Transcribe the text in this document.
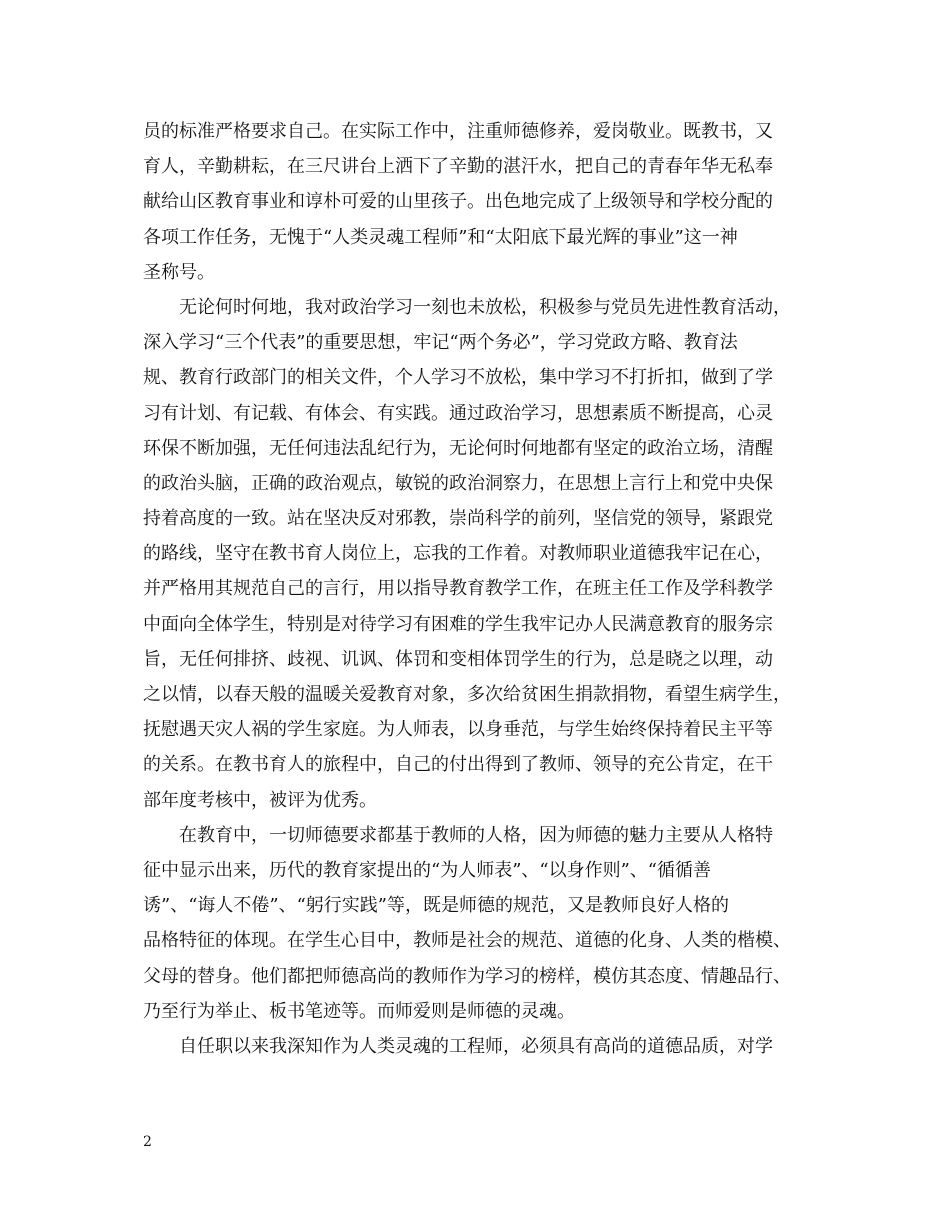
员的标准严格要求自己。在实际工作中，注重师德修养，爱岗敬业。既教书，又
育人，辛勤耕耘，在三尺讲台上洒下了辛勤的湛汗水，把自己的青春年华无私奉
献给山区教育事业和谆朴可爱的山里孩子。出色地完成了上级领导和学校分配的
各项工作任务，无愧于“人类灵魂工程师”和“太阳底下最光辉的事业”这一神
圣称号。
　　无论何时何地，我对政治学习一刻也未放松，积极参与党员先进性教育活动，
深入学习“三个代表”的重要思想，牢记“两个务必”，学习党政方略、教育法
规、教育行政部门的相关文件，个人学习不放松，集中学习不打折扣，做到了学
习有计划、有记载、有体会、有实践。通过政治学习，思想素质不断提高，心灵
环保不断加强，无任何违法乱纪行为，无论何时何地都有坚定的政治立场，清醒
的政治头脑，正确的政治观点，敏锐的政治洞察力，在思想上言行上和党中央保
持着高度的一致。站在坚决反对邪教，崇尚科学的前列，坚信党的领导，紧跟党
的路线，坚守在教书育人岗位上，忘我的工作着。对教师职业道德我牢记在心，
并严格用其规范自己的言行，用以指导教育教学工作，在班主任工作及学科教学
中面向全体学生，特别是对待学习有困难的学生我牢记办人民满意教育的服务宗
旨，无任何排挤、歧视、讥讽、体罚和变相体罚学生的行为，总是晓之以理，动
之以情，以春天般的温暖关爱教育对象，多次给贫困生捐款捐物，看望生病学生，
抚慰遇天灾人祸的学生家庭。为人师表，以身垂范，与学生始终保持着民主平等
的关系。在教书育人的旅程中，自己的付出得到了教师、领导的充公肯定，在干
部年度考核中，被评为优秀。
　　在教育中，一切师德要求都基于教师的人格，因为师德的魅力主要从人格特
征中显示出来，历代的教育家提出的“为人师表”、“以身作则”、“循循善
诱”、“诲人不倦”、“躬行实践”等，既是师德的规范，又是教师良好人格的
品格特征的体现。在学生心目中，教师是社会的规范、道德的化身、人类的楷模、
父母的替身。他们都把师德高尚的教师作为学习的榜样，模仿其态度、情趣品行、
乃至行为举止、板书笔迹等。而师爱则是师德的灵魂。
　　自任职以来我深知作为人类灵魂的工程师，必须具有高尚的道德品质，对学
2
